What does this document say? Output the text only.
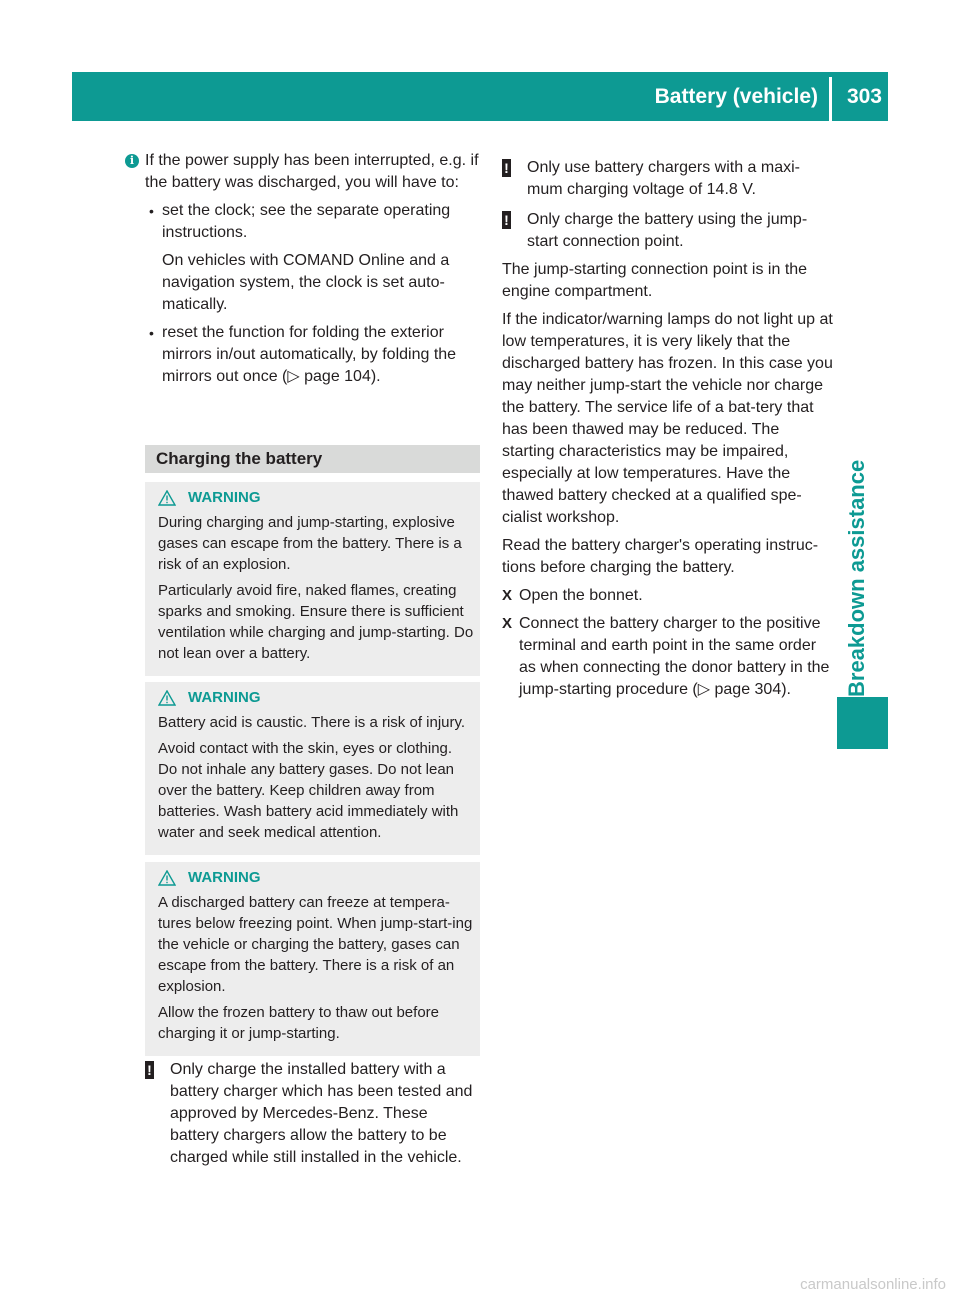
Battery (vehicle) 303
Breakdown assistance

i If the power supply has been interrupted, e.g. if the battery was discharged, you will have to:

• set the clock; see the separate operating instructions.

On vehicles with COMAND Online and a navigation system, the clock is set auto-matically.

• reset the function for folding the exterior mirrors in/out automatically, by folding the mirrors out once (▷ page 104).

Charging the battery
WARNING

During charging and jump-starting, explosive gases can escape from the battery. There is a risk of an explosion.

Particularly avoid fire, naked flames, creating sparks and smoking. Ensure there is sufficient ventilation while charging and jump-starting. Do not lean over a battery.

WARNING

Battery acid is caustic. There is a risk of injury.

Avoid contact with the skin, eyes or clothing. Do not inhale any battery gases. Do not lean over the battery. Keep children away from batteries. Wash battery acid immediately with water and seek medical attention.

WARNING

A discharged battery can freeze at tempera-tures below freezing point. When jump-start-ing the vehicle or charging the battery, gases can escape from the battery. There is a risk of an explosion.

Allow the frozen battery to thaw out before charging it or jump-starting.

! Only charge the installed battery with a battery charger which has been tested and approved by Mercedes-Benz. These battery chargers allow the battery to be charged while still installed in the vehicle.

! Only use battery chargers with a maxi-mum charging voltage of 14.8 V.

! Only charge the battery using the jump-start connection point.

The jump-starting connection point is in the engine compartment.

If the indicator/warning lamps do not light up at low temperatures, it is very likely that the discharged battery has frozen. In this case you may neither jump-start the vehicle nor charge the battery. The service life of a bat-tery that has been thawed may be reduced. The starting characteristics may be impaired, especially at low temperatures. Have the thawed battery checked at a qualified spe-cialist workshop.

Read the battery charger's operating instruc-tions before charging the battery.

X Open the bonnet.

X Connect the battery charger to the positive terminal and earth point in the same order as when connecting the donor battery in the jump-starting procedure (▷ page 304).

carmanualsonline.info
